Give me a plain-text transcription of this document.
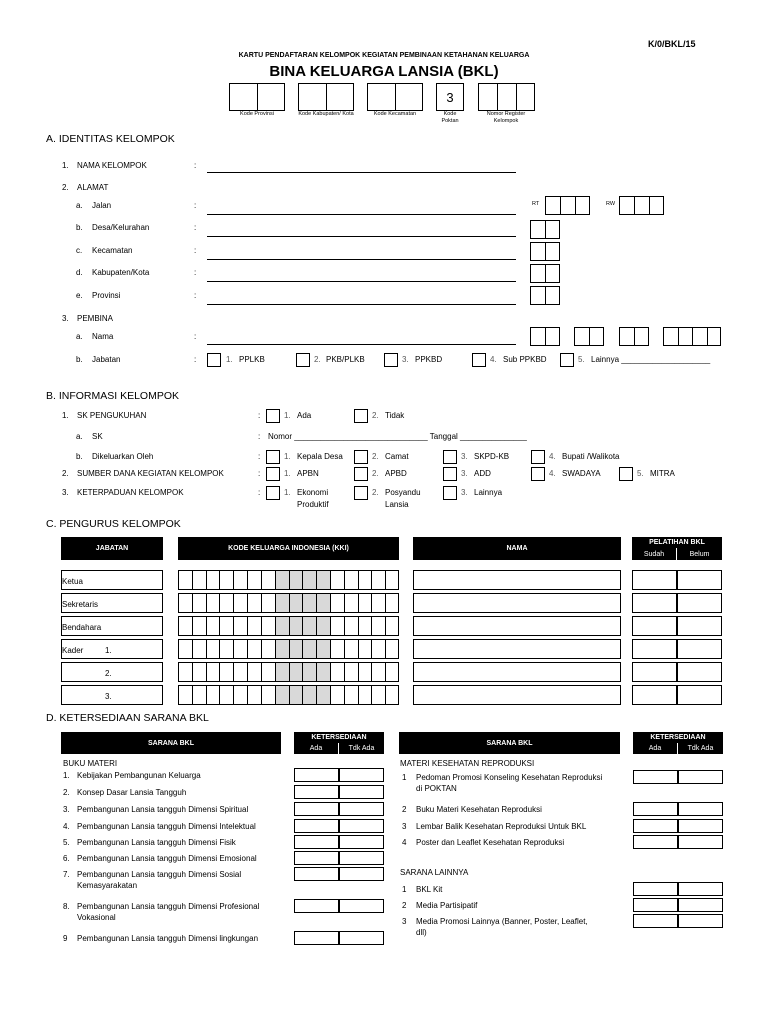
K/0/BKL/15
KARTU PENDAFTARAN KELOMPOK KEGIATAN PEMBINAAN KETAHANAN KELUARGA
BINA KELUARGA LANSIA (BKL)
3
Kode Provinsi	Kode Kabupaten/ Kota	Kode Kecamatan	Kode Poktan
Nomor Register Kelompok
A. IDENTITAS KELOMPOK
1. NAMA KELOMPOK	:
2. ALAMAT
a. Jalan	:	RT	RW
b. Desa/Kelurahan	:
c. Kecamatan	:
d. Kabupaten/Kota	:
e. Provinsi	:
3. PEMBINA
a. Nama	:
b. Jabatan	:	1. PPLKB	2. PKB/PLKB	3. PPKBD	4. Sub PPKBD	5. Lainnya ____________________
B. INFORMASI KELOMPOK
1. SK PENGUKUHAN	:	1. Ada	2. Tidak
a. SK	: Nomor ______________________________ Tanggal _______________
b. Dikeluarkan Oleh	:	1. Kepala Desa	2. Camat	3. SKPD-KB	4. Bupati /Walikota
2. SUMBER DANA KEGIATAN KELOMPOK	:	1. APBN	2. APBD	3. ADD	4. SWADAYA	5. MITRA
3. KETERPADUAN KELOMPOK	:	1. Ekonomi
Produktif
2. Posyandu
Lansia
3. Lainnya
C. PENGURUS KELOMPOK
JABATAN	KODE KELUARGA INDONESIA (KKI)	NAMA
PELATIHAN BKL
Sudah	Belum
Ketua
Sekretaris
Bendahara
Kader	1.
2.
3.
D. KETERSEDIAAN SARANA BKL
SARANA BKL
KETERSEDIAAN
Ada	Tdk Ada
SARANA BKL
KETERSEDIAAN
Ada	Tdk Ada
BUKU MATERI	MATERI KESEHATAN REPRODUKSI
SARANA LAINNYA
1. Kebijakan Pembangunan Keluarga
2. Konsep Dasar Lansia Tangguh
3. Pembangunan Lansia tangguh Dimensi Spiritual
4. Pembangunan Lansia tangguh Dimensi Intelektual
5. Pembangunan Lansia tangguh Dimensi Fisik
6. Pembangunan Lansia tangguh Dimensi Emosional
7. Pembangunan Lansia tangguh Dimensi Sosial
Kemasyarakatan
8. Pembangunan Lansia tangguh Dimensi Profesional
Vokasional
9 Pembangunan Lansia tangguh Dimensi lingkungan
1 Pedoman Promosi Konseling Kesehatan Reproduksi
di POKTAN
2 Buku Materi Kesehatan Reproduksi
3 Lembar Balik Kesehatan Reproduksi Untuk BKL
4 Poster dan Leaflet Kesehatan Reproduksi
1 BKL Kit
2 Media Partisipatif
3 Media Promosi Lainnya (Banner, Poster, Leaflet,
dll)
